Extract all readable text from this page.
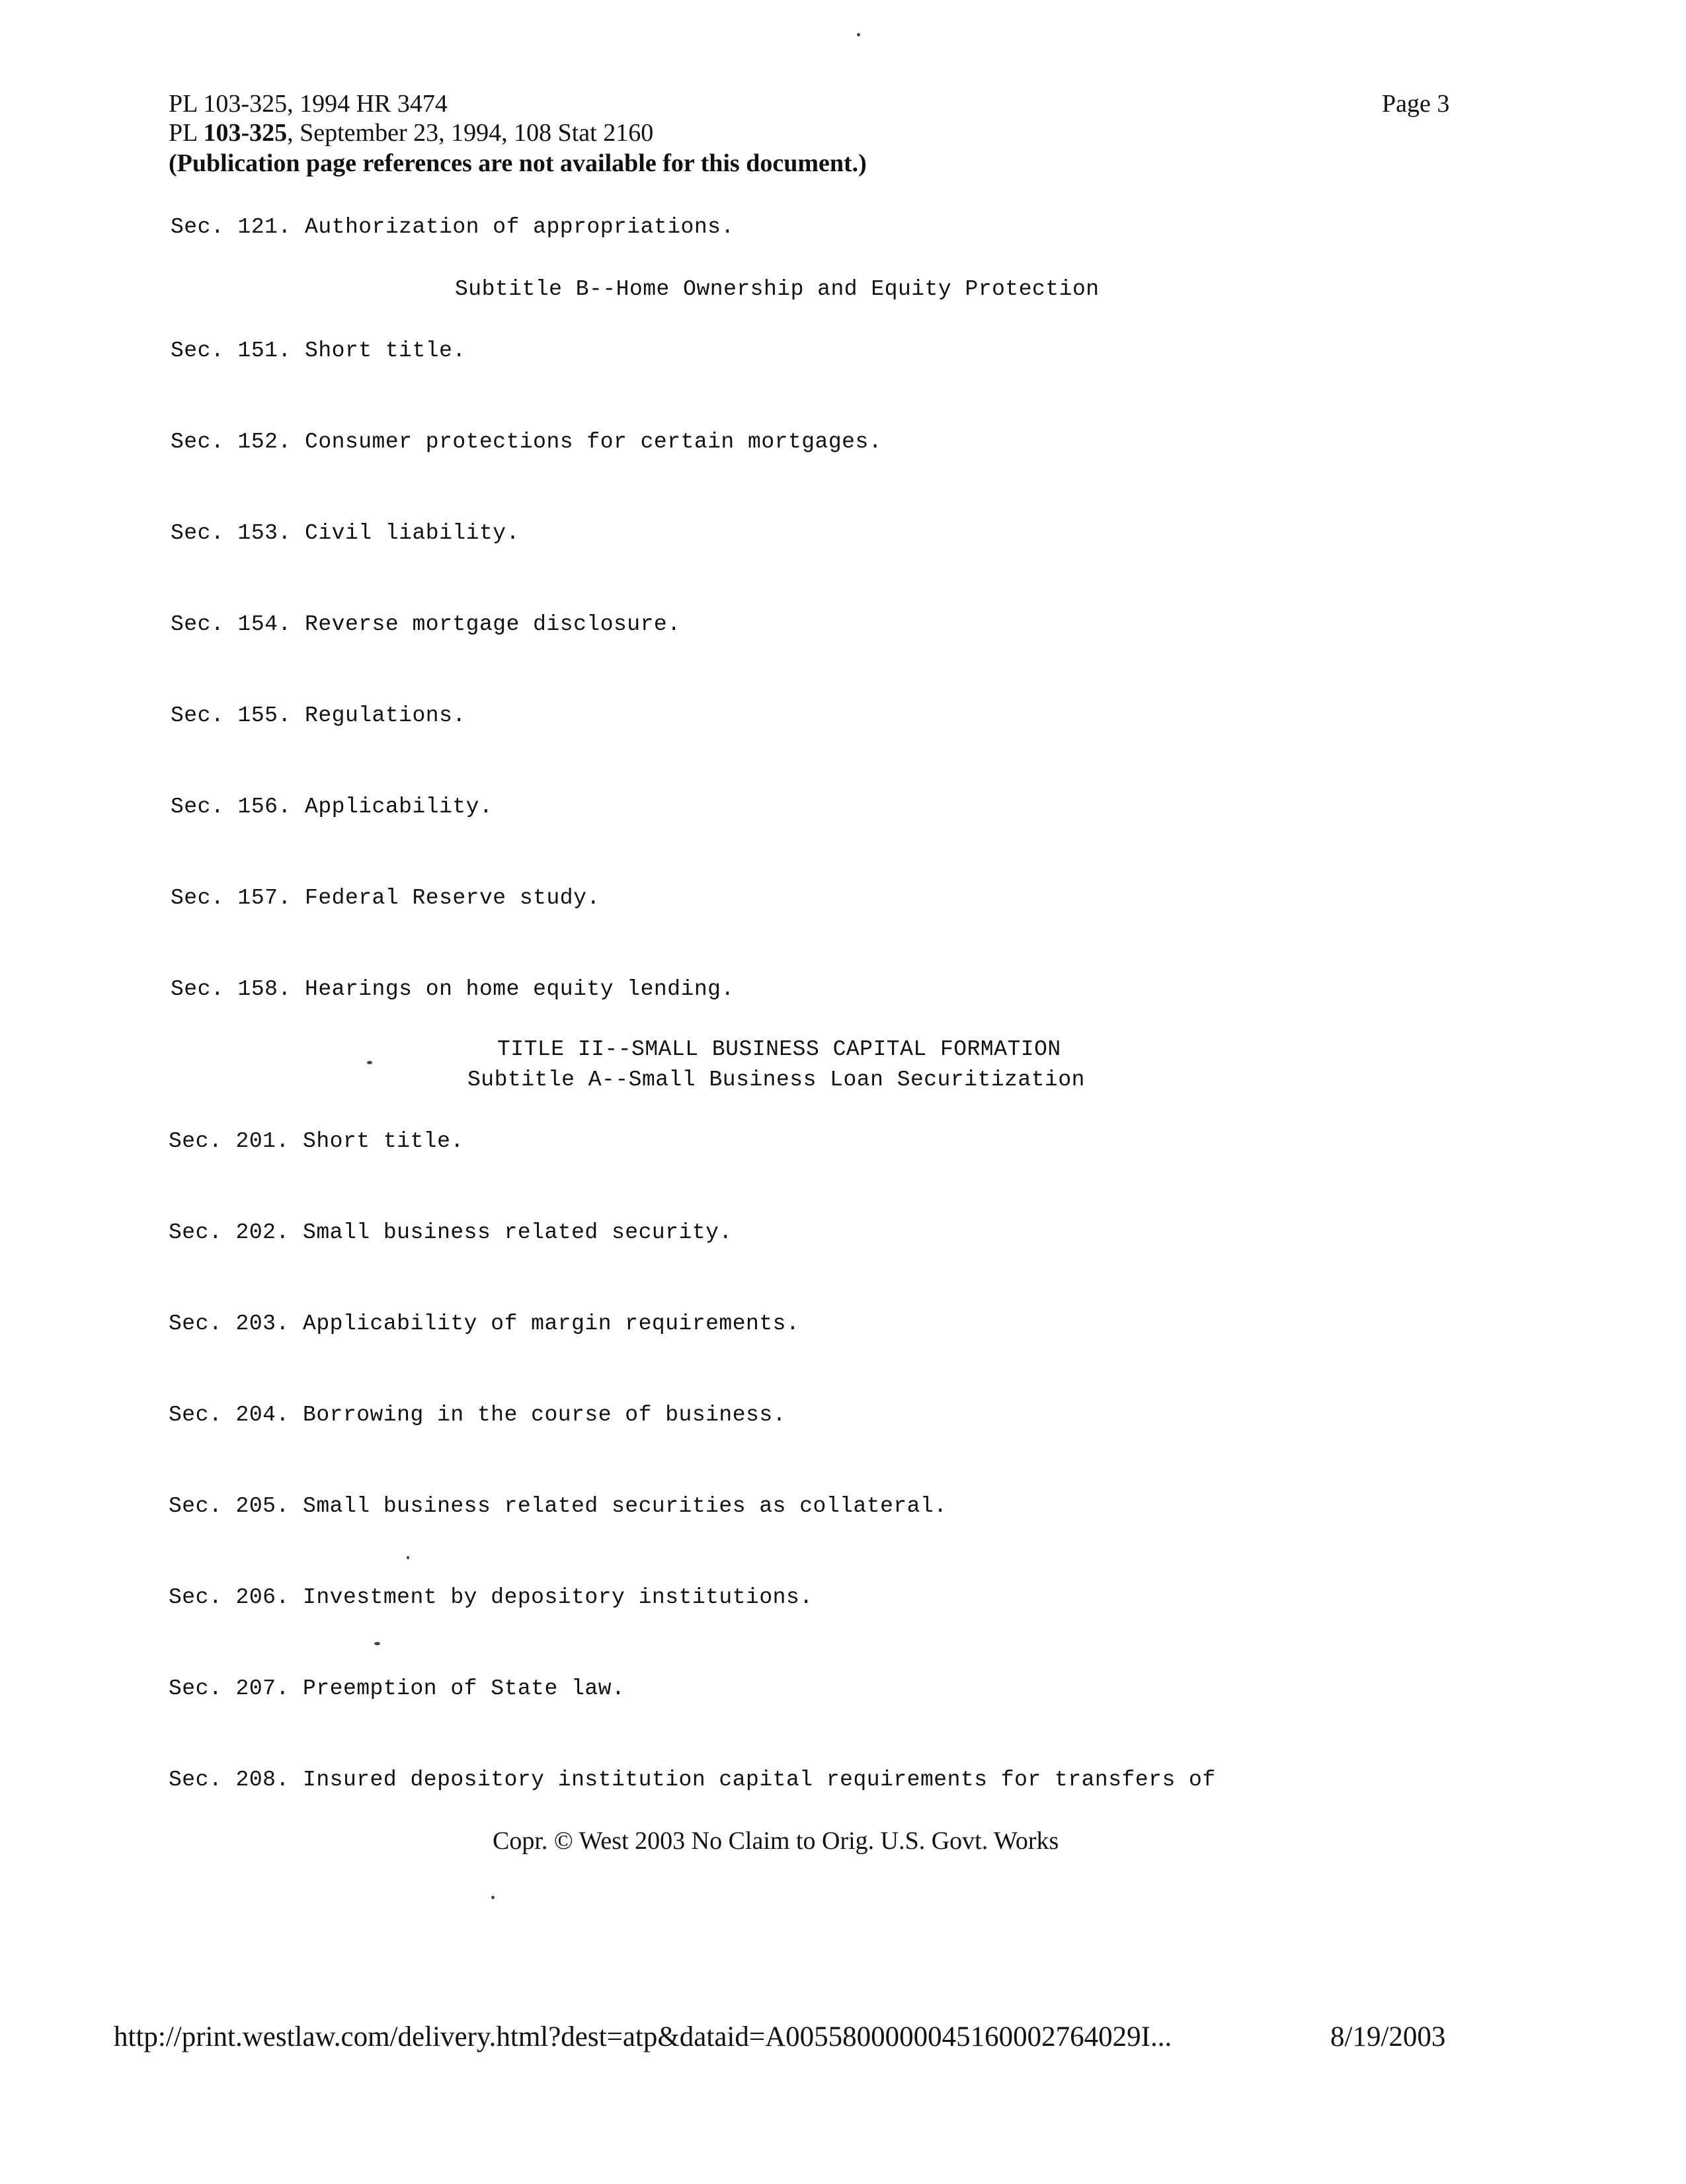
PL 103-325, 1994 HR 3474
PL 103-325, September 23, 1994, 108 Stat 2160
(Publication page references are not available for this document.)
Page 3
Sec. 121. Authorization of appropriations.
Subtitle B--Home Ownership and Equity Protection
Sec. 151. Short title.
Sec. 152. Consumer protections for certain mortgages.
Sec. 153. Civil liability.
Sec. 154. Reverse mortgage disclosure.
Sec. 155. Regulations.
Sec. 156. Applicability.
Sec. 157. Federal Reserve study.
Sec. 158. Hearings on home equity lending.
TITLE II--SMALL BUSINESS CAPITAL FORMATION
Subtitle A--Small Business Loan Securitization
Sec. 201. Short title.
Sec. 202. Small business related security.
Sec. 203. Applicability of margin requirements.
Sec. 204. Borrowing in the course of business.
Sec. 205. Small business related securities as collateral.
Sec. 206. Investment by depository institutions.
Sec. 207. Preemption of State law.
Sec. 208. Insured depository institution capital requirements for transfers of
Copr. © West 2003 No Claim to Orig. U.S. Govt. Works
http://print.westlaw.com/delivery.html?dest=atp&dataid=A0055800000045160002764029I...	8/19/2003
